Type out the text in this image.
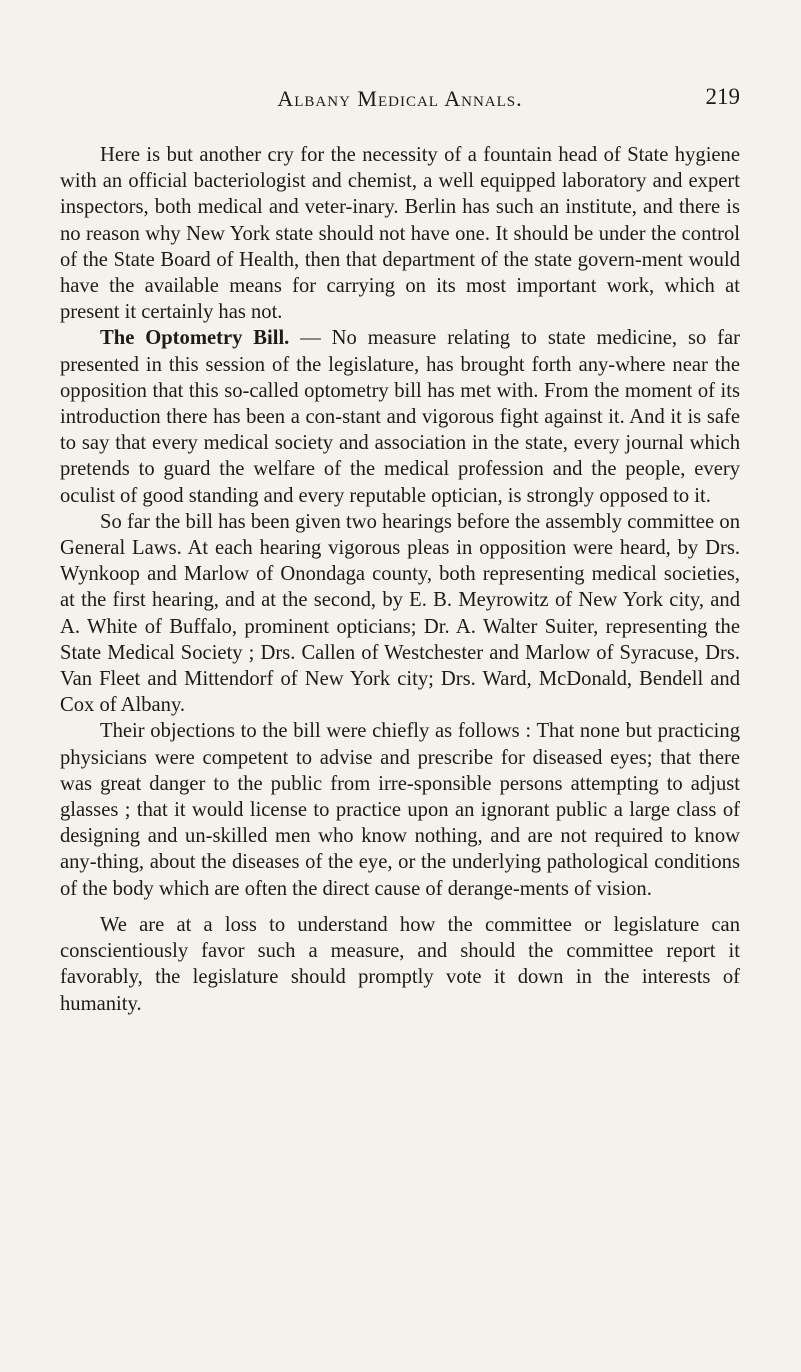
Albany Medical Annals.	219

Here is but another cry for the necessity of a fountain head of State hygiene with an official bacteriologist and chemist, a well equipped laboratory and expert inspectors, both medical and veter-inary. Berlin has such an institute, and there is no reason why New York state should not have one. It should be under the control of the State Board of Health, then that department of the state govern-ment would have the available means for carrying on its most important work, which at present it certainly has not.

The Optometry Bill. — No measure relating to state medicine, so far presented in this session of the legislature, has brought forth any-where near the opposition that this so-called optometry bill has met with. From the moment of its introduction there has been a con-stant and vigorous fight against it. And it is safe to say that every medical society and association in the state, every journal which pretends to guard the welfare of the medical profession and the people, every oculist of good standing and every reputable optician, is strongly opposed to it.

So far the bill has been given two hearings before the assembly committee on General Laws. At each hearing vigorous pleas in opposition were heard, by Drs. Wynkoop and Marlow of Onondaga county, both representing medical societies, at the first hearing, and at the second, by E. B. Meyrowitz of New York city, and A. White of Buffalo, prominent opticians; Dr. A. Walter Suiter, representing the State Medical Society ; Drs. Callen of Westchester and Marlow of Syracuse, Drs. Van Fleet and Mittendorf of New York city; Drs. Ward, McDonald, Bendell and Cox of Albany.

Their objections to the bill were chiefly as follows : That none but practicing physicians were competent to advise and prescribe for diseased eyes; that there was great danger to the public from irre-sponsible persons attempting to adjust glasses ; that it would license to practice upon an ignorant public a large class of designing and un-skilled men who know nothing, and are not required to know any-thing, about the diseases of the eye, or the underlying pathological conditions of the body which are often the direct cause of derange-ments of vision.

We are at a loss to understand how the committee or legislature can conscientiously favor such a measure, and should the committee report it favorably, the legislature should promptly vote it down in the interests of humanity.
